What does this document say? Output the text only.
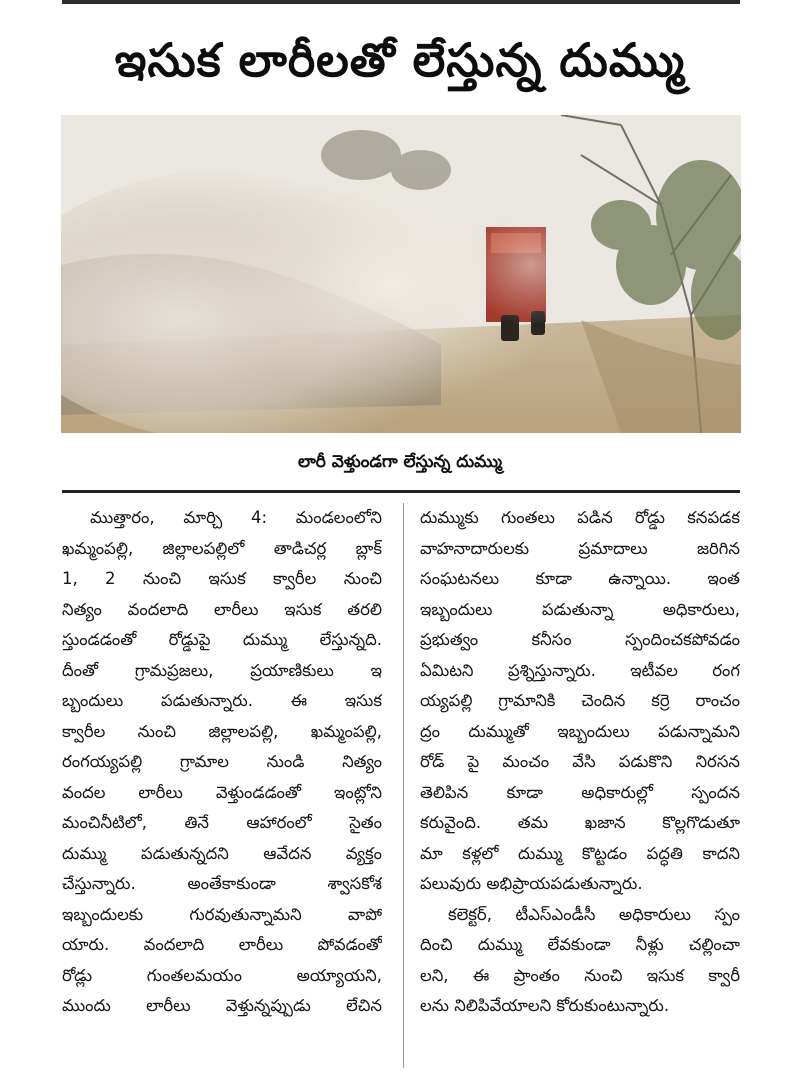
ఇసుక లారీలతో లేస్తున్న దుమ్ము
లారీ వెళ్తుండగా లేస్తున్న దుమ్ము
ముత్తారం, మార్చి 4: మండలంలోని
ఖమ్మంపల్లి, జిల్లాలపల్లిలో తాడిచర్ల బ్లాక్
1, 2 నుంచి ఇసుక క్వారీల నుంచి
నిత్యం వందలాది లారీలు ఇసుక తరలి
స్తుండడంతో రోడ్డుపై దుమ్ము లేస్తున్నది.
దీంతో గ్రామప్రజలు, ప్రయాణికులు ఇ
బ్బందులు పడుతున్నారు. ఈ ఇసుక
క్వారీల నుంచి జిల్లాలపల్లి, ఖమ్మంపల్లి,
రంగయ్యపల్లి గ్రామాల నుండి నిత్యం
వందల లారీలు వెళ్తుండడంతో ఇంట్లోని
మంచినీటిలో, తినే ఆహారంలో సైతం
దుమ్ము పడుతున్నదని ఆవేదన వ్యక్తం
చేస్తున్నారు. అంతేకాకుండా శ్వాసకోశ
ఇబ్బందులకు గురవుతున్నామని వాపో
యారు. వందలాది లారీలు పోవడంతో
రోడ్లు గుంతలమయం అయ్యాయని,
ముందు లారీలు వెళ్తున్నప్పుడు లేచిన
దుమ్ముకు గుంతలు పడిన రోడ్డు కనపడక
వాహనాదారులకు ప్రమాదాలు జరిగిన
సంఘటనలు కూడా ఉన్నాయి. ఇంత
ఇబ్బందులు పడుతున్నా అధికారులు,
ప్రభుత్వం కనీసం స్పందించకపోవడం
ఏమిటని ప్రశ్నిస్తున్నారు. ఇటీవల రంగ
య్యపల్లి గ్రామానికి చెందిన కర్రె రాంచం
ద్రం దుమ్ముతో ఇబ్బందులు పడున్నామని
రోడ్ పై మంచం వేసి పడుకొని నిరసన
తెలిపిన కూడా అధికారుల్లో స్పందన
కరువైంది. తమ ఖజాన కొల్లగొడుతూ
మా కళ్లలో దుమ్ము కొట్టడం పద్ధతి కాదని
పలువురు అభిప్రాయపడుతున్నారు.
కలెక్టర్, టీఎస్ఎండీసీ అధికారులు స్పం
దించి దుమ్ము లేవకుండా నీళ్లు చల్లించా
లని, ఈ ప్రాంతం నుంచి ఇసుక క్వారీ
లను నిలిపివేయాలని కోరుకుంటున్నారు.
